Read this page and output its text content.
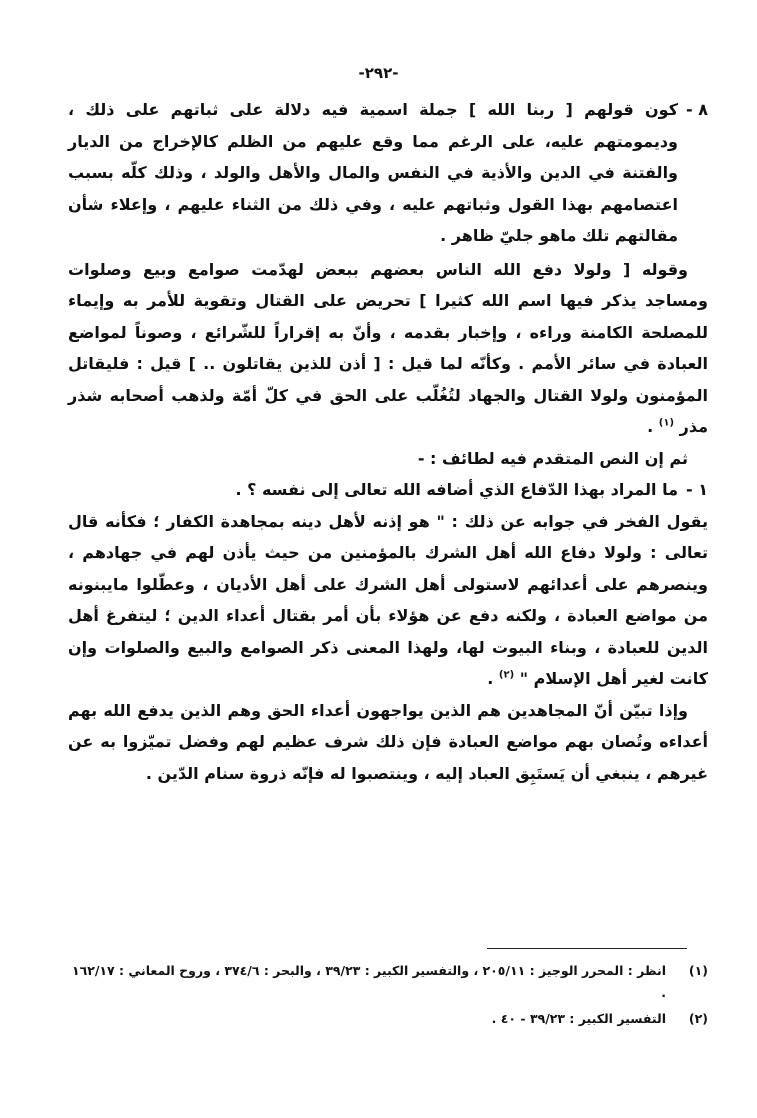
-٢٩٢-

٨ -
كون قولهم [ ربنا الله ] جملة اسمية فيه دلالة على ثباتهم على ذلك ، وديمومتهم عليه، على الرغم مما وقع عليهم من الظلم كالإخراج من الديار والفتنة في الدين والأذية في النفس والمال والأهل والولد ، وذلك كلّه بسبب اعتصامهم بهذا القول وثباتهم عليه ، وفي ذلك من الثناء عليهم ، وإعلاء شأن مقالتهم تلك ماهو جليّ ظاهر .

وقوله [ ولولا دفع الله الناس بعضهم ببعض لهدّمت صوامع وبيع وصلوات ومساجد يذكر فيها اسم الله كثيرا ] تحريض على القتال وتقوية للأمر به وإيماء للمصلحة الكامنة وراءه ، وإخبار بقدمه ، وأنّ به إقراراً للشّرائع ، وصوناً لمواضع العبادة في سائر الأمم . وكأنّه لما قيل : [ أذن للذين يقاتلون .. ] قيل : فليقاتل المؤمنون ولولا القتال والجهاد لتُغُلّب على الحق في كلّ أمّة ولذهب أصحابه شذر مذر $^{(١)}$ .

ثم إن النص المتقدم فيه لطائف : -

١ -
ما المراد بهذا الدّفاع الذي أضافه الله تعالى إلى نفسه ؟ .

يقول الفخر في جوابه عن ذلك : " هو إذنه لأهل دينه بمجاهدة الكفار ؛ فكأنه قال تعالى : ولولا دفاع الله أهل الشرك بالمؤمنين من حيث يأذن لهم في جهادهم ، وينصرهم على أعدائهم لاستولى أهل الشرك على أهل الأديان ، وعطّلوا مايبنونه من مواضع العبادة ، ولكنه دفع عن هؤلاء بأن أمر بقتال أعداء الدين ؛ ليتفرغ أهل الدين للعبادة ، وبناء البيوت لها، ولهذا المعنى ذكر الصوامع والبيع والصلوات وإن كانت لغير أهل الإسلام " $^{(٢)}$ .

وإذا تبيّن أنّ المجاهدين هم الذين يواجهون أعداء الحق وهم الذين يدفع الله بهم أعداءه وتُصان بهم مواضع العبادة فإن ذلك شرف عظيم لهم وفضل تميّزوا به عن غيرهم ، ينبغي أن يَستَبِق العباد إليه ، وينتصبوا له فإنّه ذروة سنام الدّين .

(١)
انظر : المحرر الوجيز : ٢٠٥/١١ ، والتفسير الكبير : ٣٩/٢٣ ، والبحر : ٣٧٤/٦ ، وروح المعاني : ١٦٢/١٧ .
(٢)
التفسير الكبير : ٣٩/٢٣ - ٤٠ .
